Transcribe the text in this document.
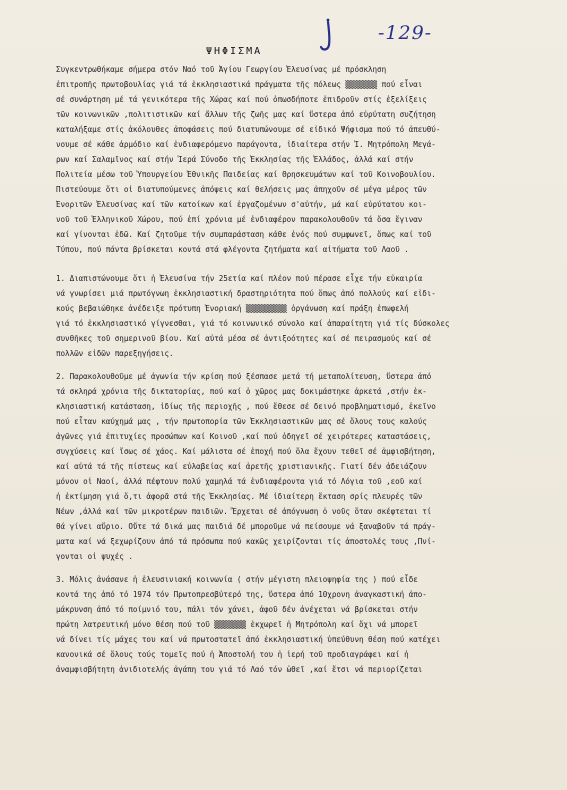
-129-
ΨΗΦΙΣΜΑ
Συγκεντρωθήκαμε σήμερα στόν Ναό τοῦ Ἁγίου Γεωργίου Ἐλευσίνας μέ πρόσκληση
ἐπιτροπῆς πρωτοβουλίας γιά τά ἐκκλησιαστικά πράγματα τῆς πόλεως ▒▒▒▒▒▒▒ πού εἶναι
σέ συνάρτηση μέ τά γενικότερα τῆς Χώρας καί πού ὁπωσδήποτε ἐπιδροῦν στίς ἐξελίξεις
τῶν κοινωνικῶν ,πολιτιστικῶν καί ἄλλων τῆς ζωῆς μας καί ὕστερα ἀπό εὐρύτατη συζήτηση
καταλήξαμε στίς ἀκόλουθες ἀποφάσεις πού διατυπώνουμε σέ εἰδικό Ψήφισμα πού τό ἀπευθύ-
νουμε σέ κάθε ἁρμόδιο καί ἐνδιαφερόμενο παράγοντα, ἰδιαίτερα στήν Ἱ. Μητρόπολη Μεγά-
ρων καί Σαλαμῖνος καί στήν Ἱερά Σύνοδο τῆς Ἐκκλησίας τῆς Ἑλλάδος, ἀλλά καί στήν
Πολιτεία μέσω τοῦ Ὑπουργείου Ἐθνικῆς Παιδείας καί Θρησκευμάτων καί τοῦ Κοινοβουλίου.
Πιστεύουμε ὅτι οἱ διατυπούμενες ἀπόψεις καί θελήσεις μας ἀπηχοῦν σέ μέγα μέρος τῶν
Ἐνοριτῶν Ἐλευσίνας καί τῶν κατοίκων καί ἐργαζομένων σ'αὐτήν, μά καί εὐρύτατου κοι-
νοῦ τοῦ Ἑλληνικοῦ Χώρου, πού ἐπί χρόνια μέ ἐνδιαφέρον παρακολουθοῦν τά ὅσα ἔγιναν
καί γίνονται ἐδῶ. Καί ζητοῦμε τήν συμπαράσταση κάθε ἑνός πού συμφωνεῖ, ὅπως καί τοῦ
Τύπου, πού πάντα βρίσκεται κοντά στά φλέγοντα ζητήματα καί αἰτήματα τοῦ Λαοῦ .
1. Διαπιστώνουμε ὅτι ἡ Ἐλευσίνα τήν 25ετία καί πλέον πού πέρασε εἶχε τήν εὐκαιρία
νά γνωρίσει μιά πρωτόγνωη ἐκκλησιαστική δραστηριότητα πού ὅπως ἀπό πολλούς καί εἰδι-
κούς βεβαιώθηκε ἀνέδειξε πρότυπη Ἐνοριακή ▒▒▒▒▒▒▒▒▒ ὀργάνωση καί πράξη ἐπωφελή
γιά τό ἐκκλησιαστικό γίγνεσθαι, γιά τό κοινωνικό σύνολο καί ἀπαραίτητη γιά τίς δύσκολες
συνθῆκες τοῦ σημερινοῦ βίου. Καί αὐτά μέσα σέ ἀντιξοότητες καί σέ πειρασμούς καί σέ
πολλῶν εἰδῶν παρεξηγήσεις.
2. Παρακολουθοῦμε μέ ἀγωνία τήν κρίση πού ξέσπασε μετά τή μεταπολίτευση, ὕστερα ἀπό
τά σκληρά χρόνια τῆς δικτατορίας, πού καί ὁ χῶρος μας δοκιμάστηκε ἀρκετά ,στήν ἐκ-
κλησιαστική κατάσταση, ἰδίως τῆς περιοχῆς , πού ἔθεσε σέ δεινό προβληματισμό, ἐκεῖνο
πού εἶταν καύχημά μας , τήν πρωτοπορία τῶν Ἐκκλησιαστικῶν μας σέ ὅλους τους καλούς
ἀγῶνες γιά ἐπιτυχίες προσώπων καί Κοινοῦ ,καί πού ὁδηγεῖ σέ χειρότερες καταστάσεις,
συγχύσεις καί ἴσως σέ χάος. Καί μάλιστα σέ ἐποχή πού ὅλα ἔχουν τεθεῖ σέ ἀμφισβήτηση,
καί αὐτά τά τῆς πίστεως καί εὐλαβείας καί ἀρετῆς χριστιανικῆς. Γιατί δέν ἀδειάζουν
μόνον οἱ Ναοί, ἀλλά πέφτουν πολύ χαμηλά τά ἐνδιαφέροντα γιά τό Λόγια τοῦ ,εοῦ καί
ἡ ἐκτίμηση γιά ὅ,τι ἀφορᾶ στά τῆς Ἐκκλησίας. Μέ ἰδιαίτερη ἔκταση σρίς πλευρές τῶν
Νέων ,ἀλλά καί τῶν μικροτέρων παιδιῶν. Ἔρχεται σέ ἀπόγνωση ὁ νοῦς ὅταν σκέφτεται τί
θά γίνει αὔριο. Οὔτε τά δικά μας παιδιά δέ μποροῦμε νά πείσουμε νά ξαναβοῦν τά πράγ-
ματα καί νά ξεχωρίζουν ἀπό τά πρόσωπα πού κακῶς χειρίζονται τίς ἀποστολές τους ,Πνί-
γονται οἱ ψυχές .
3. Μόλις ἀνάσανε ἡ ἐλευσινιακή κοινωνία ( στήν μέγιστη πλειοψηφία της ) πού εἶδε
κοντά της ἀπό τό 1974 τόν Πρωτοπρεσβύτερό της, ὕστερα ἀπό 10χρονη ἀναγκαστική ἀπο-
μάκρυνση ἀπό τό ποίμνιό του, πάλι τόν χάνει, ἀφοῦ δέν ἀνέχεται νά βρίσκεται στήν
πρώτη λατρευτική μόνο θέση πού τοῦ ▒▒▒▒▒▒▒ ἐκχωρεῖ ἡ Μητρόπολη καί ὄχι νά μπορεῖ
νά δίνει τίς μάχες του καί νά πρωτοστατεῖ ἀπό ἐκκλησιαστική ὑπεύθυνη θέση πού κατέχει
κανονικά σέ ὅλους τούς τομεῖς πού ἡ Ἀποστολή του ἡ ἱερή τοῦ προδιαγράφει καί ἡ
ἀναμφισβήτητη ἀνιδιοτελής ἀγάπη του γιά τό Λαό τόν ὠθεῖ ,καί ἔτσι νά περιορίζεται
